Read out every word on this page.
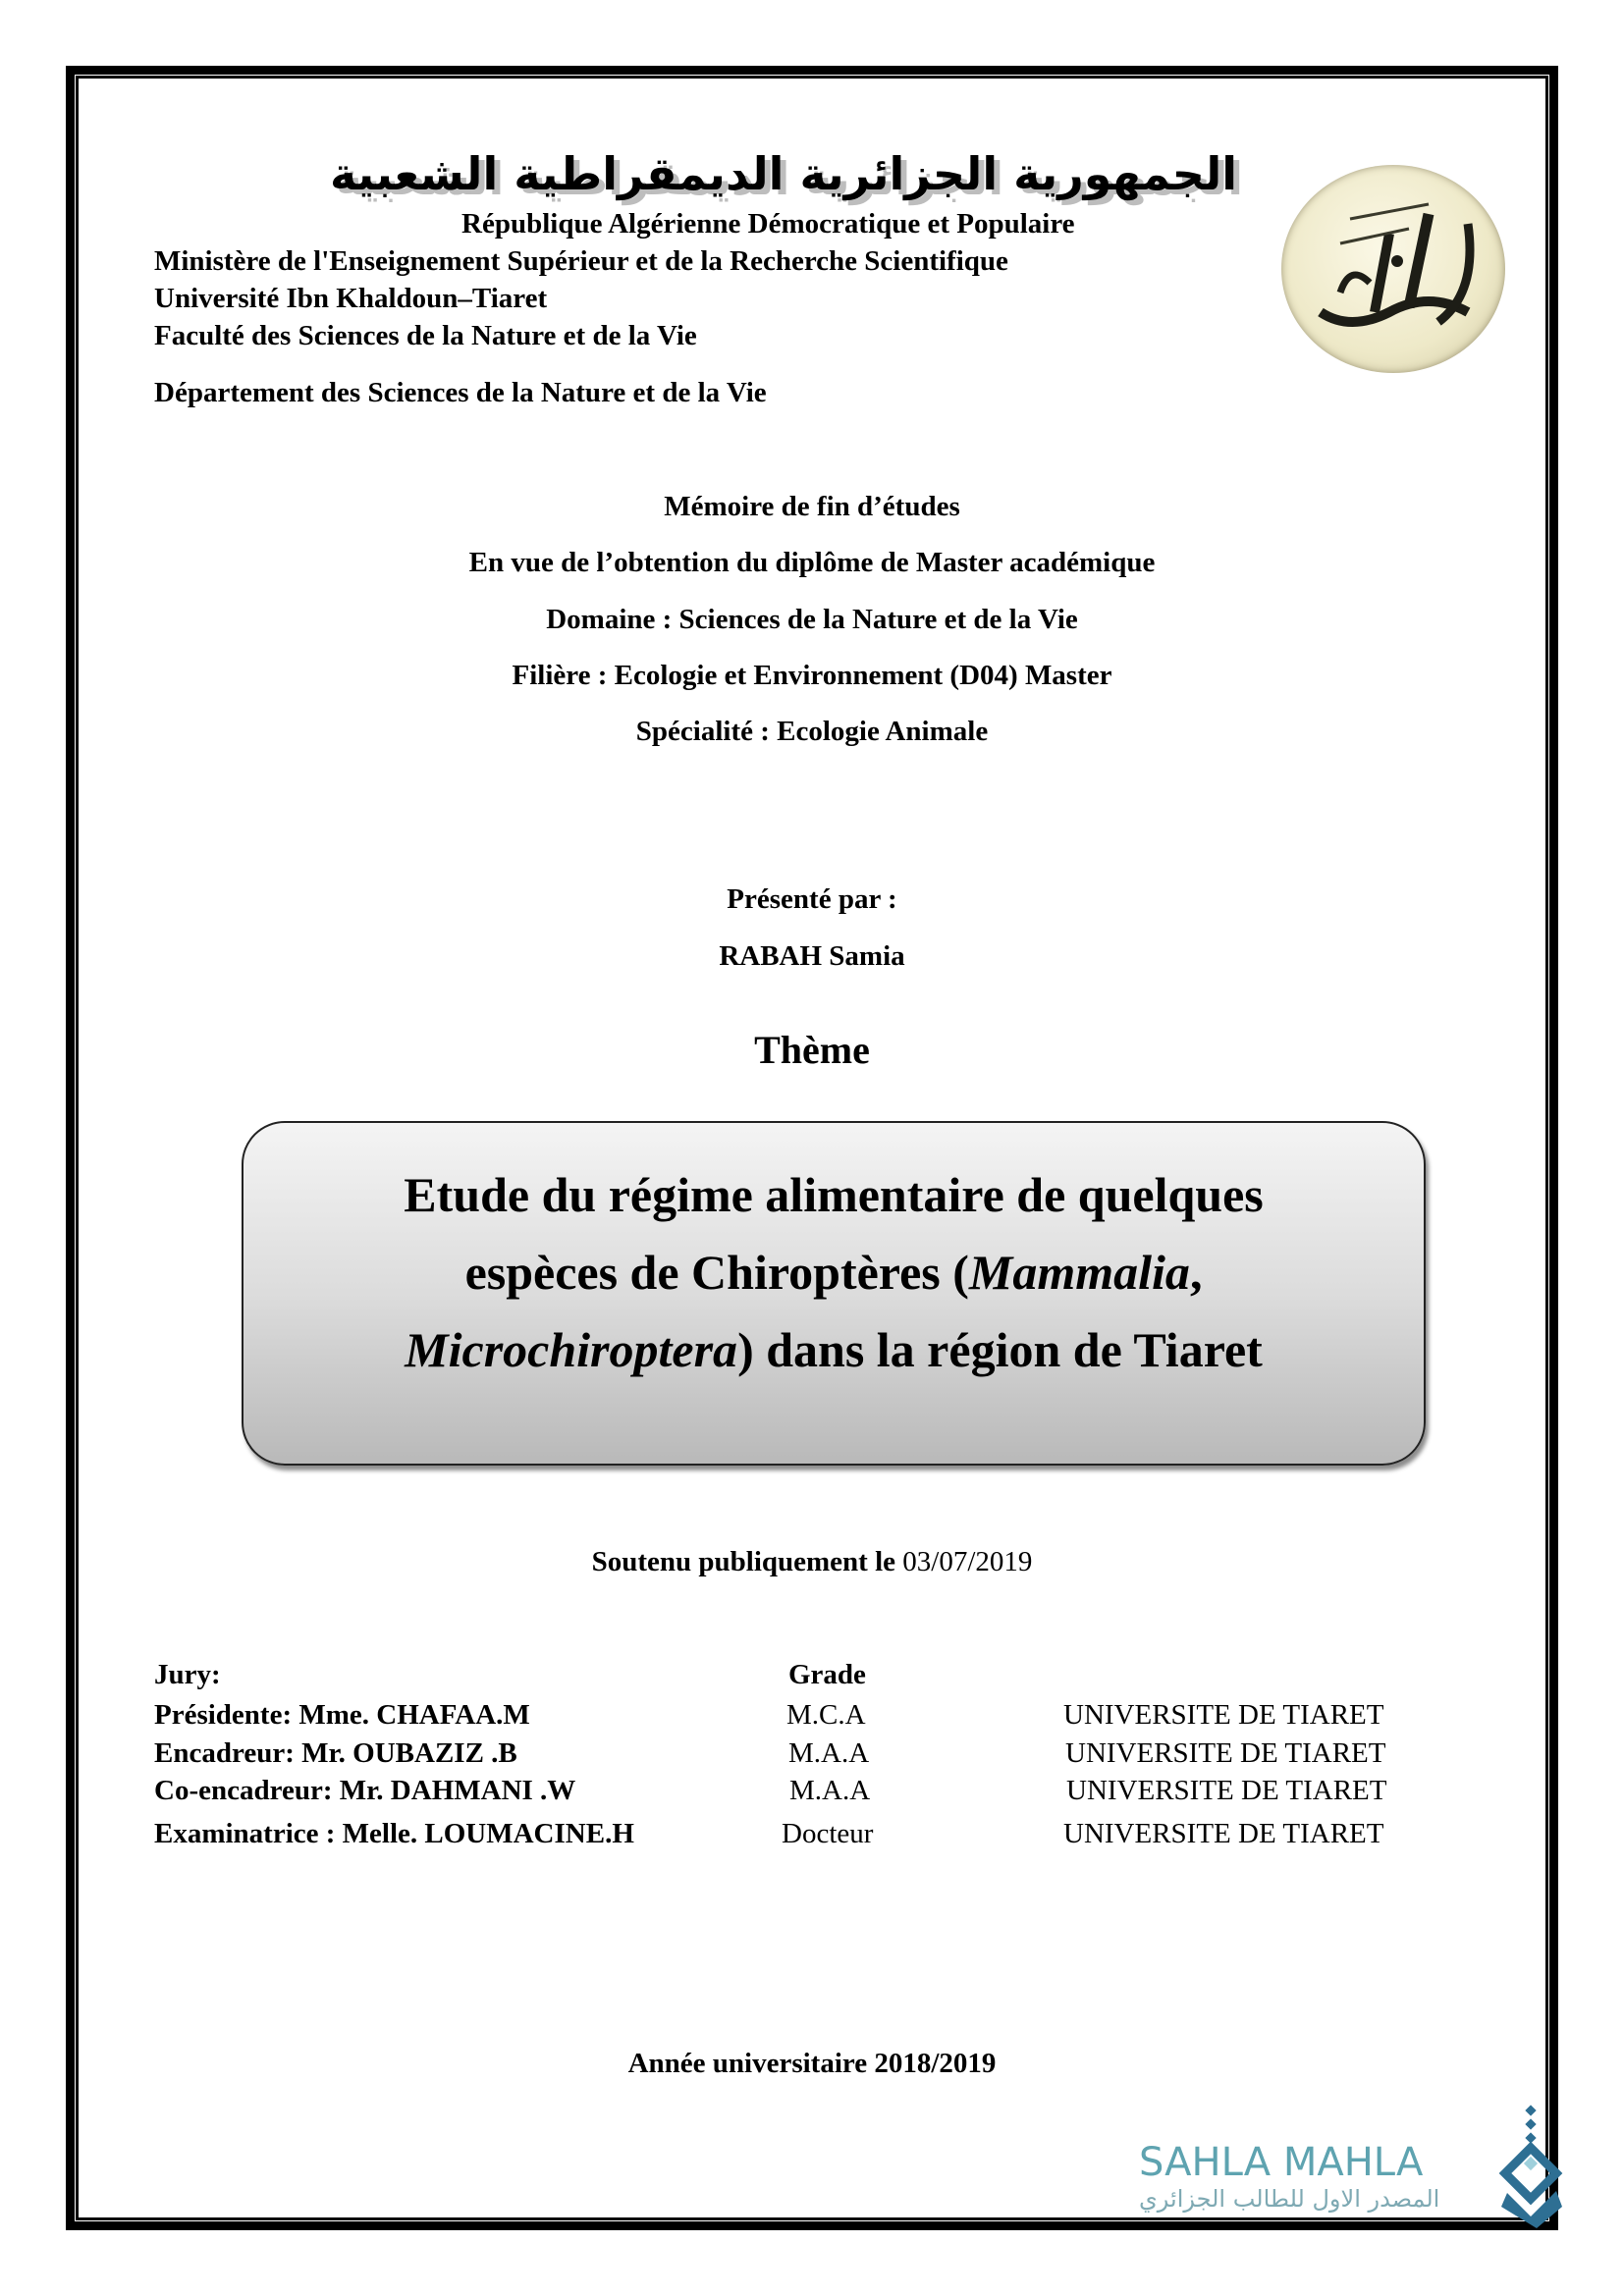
الجمهورية الجزائرية الديمقراطية الشعبية
République Algérienne Démocratique et Populaire
Ministère de l'Enseignement Supérieur et de la Recherche Scientifique
Université Ibn Khaldoun–Tiaret
Faculté des Sciences de la Nature et de la Vie
Département des Sciences de la Nature et de la Vie
Mémoire de fin d’études
En vue de l’obtention du diplôme de Master académique
Domaine : Sciences de la Nature et de la Vie
Filière : Ecologie et Environnement (D04) Master
Spécialité : Ecologie Animale
Présenté par :
RABAH Samia
Thème
Etude du régime alimentaire de quelques
espèces de Chiroptères (Mammalia,
Microchiroptera) dans la région de Tiaret
Soutenu publiquement le 03/07/2019
Jury:	Grade
Présidente: Mme. CHAFAA.M	M.C.A	UNIVERSITE DE TIARET
Encadreur: Mr. OUBAZIZ .B	M.A.A	UNIVERSITE DE TIARET
Co-encadreur: Mr. DAHMANI .W	M.A.A	UNIVERSITE DE TIARET
Examinatrice : Melle. LOUMACINE.H	Docteur	UNIVERSITE DE TIARET
Année universitaire 2018/2019
SAHLA MAHLA
المصدر الاول للطالب الجزائري
